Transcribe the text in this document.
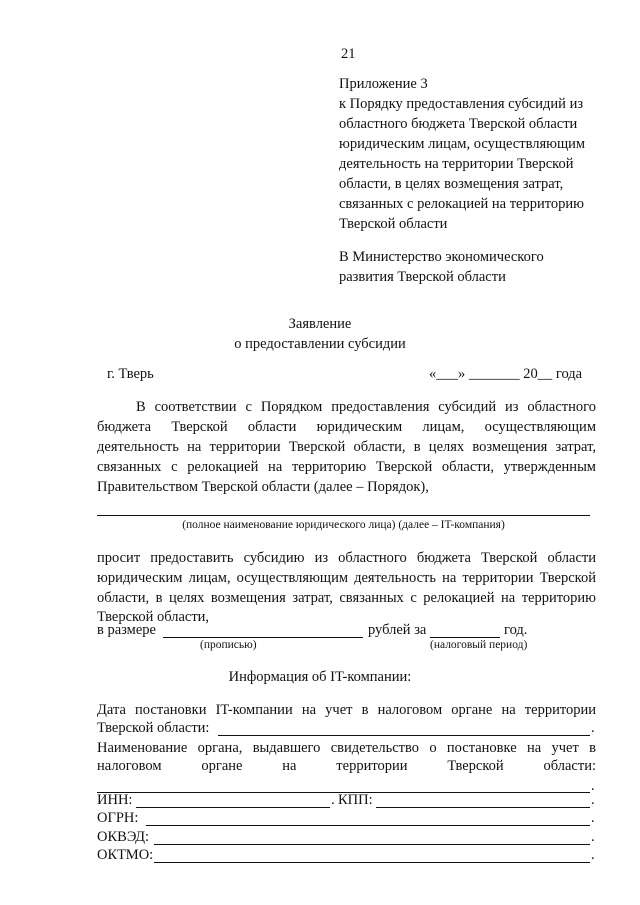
21
Приложение 3
к Порядку предоставления субсидий из
областного бюджета Тверской области
юридическим лицам, осуществляющим
деятельность на территории Тверской
области, в целях возмещения затрат,
связанных с релокацией на территорию
Тверской области
В Министерство экономического
развития Тверской области
Заявление
о предоставлении субсидии
г. Тверь	«___» _______ 20__ года
В соответствии с Порядком предоставления субсидий из областного
бюджета Тверской области юридическим лицам, осуществляющим
деятельность на территории Тверской области, в целях возмещения затрат,
связанных с релокацией на территорию Тверской области, утвержденным
Правительством Тверской области (далее – Порядок),
(полное наименование юридического лица) (далее – IT-компания)
просит предоставить субсидию из областного бюджета Тверской области
юридическим лицам, осуществляющим деятельность на территории Тверской
области, в целях возмещения затрат, связанных с релокацией на территорию
Тверской области,
в размере	рублей за	год.
(прописью)	(налоговый период)
Информация об IT-компании:
Дата постановки IT-компании на учет в налоговом органе на территории
Тверской области:	.
Наименование органа, выдавшего свидетельство о постановке на учет в
налоговом органе на территории Тверской области:
.
ИНН:	. КПП:	.
ОГРН:	.
ОКВЭД:	.
ОКТМО:	.
